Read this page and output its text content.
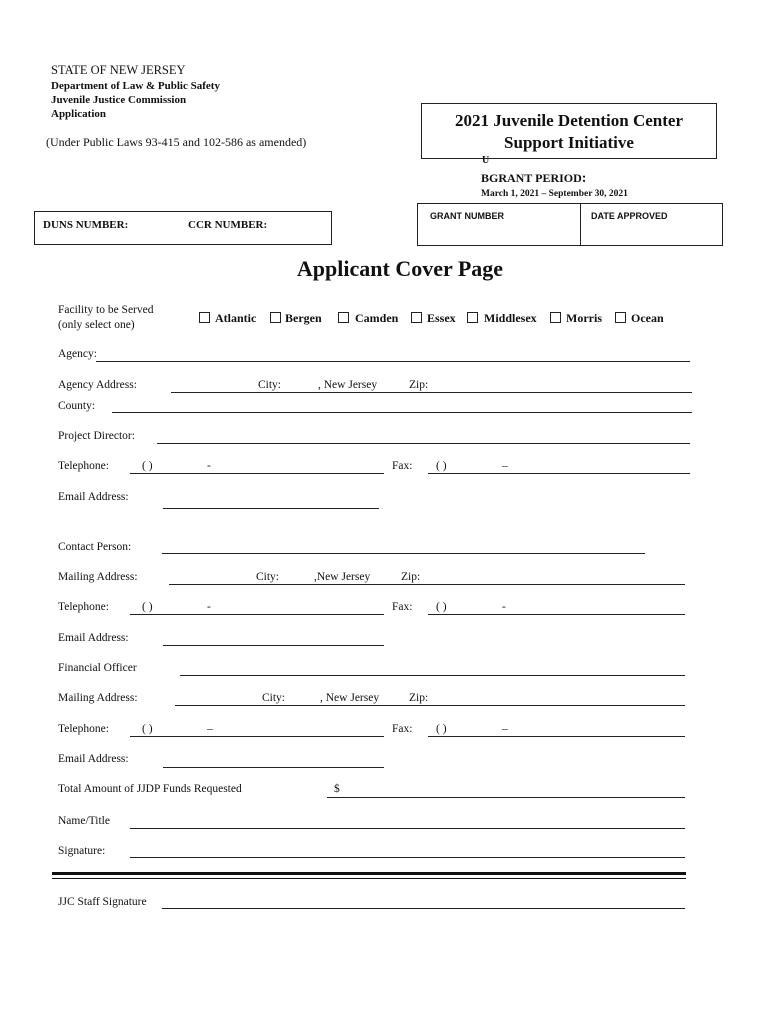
STATE OF NEW JERSEY
Department of Law & Public Safety
Juvenile Justice Commission
Application
(Under Public Laws 93-415 and 102-586 as amended)
2021 Juvenile Detention Center
Support Initiative
U
BGRANT PERIOD:
March 1, 2021 – September 30, 2021
DUNS NUMBER:	CCR NUMBER:
GRANT NUMBER	DATE APPROVED
Applicant Cover Page
Facility to be Served
(only select one)	Atlantic Bergen	Camden Essex Middlesex Morris Ocean
Agency:
Agency Address:	City:	, New Jersey	Zip:
County:
Project Director:
Telephone:	( )	-	Fax: ( )	–
Email Address:
Contact Person:
Mailing Address:	City:	,New Jersey	Zip:
Telephone:	( )	-	Fax: ( )	-
Email Address:
Financial Officer
Mailing Address:	City:	, New Jersey	Zip:
Telephone:	( )	–	Fax: ( )	–
Email Address:
Total Amount of JJDP Funds Requested	$
Name/Title
Signature:
JJC Staff Signature
